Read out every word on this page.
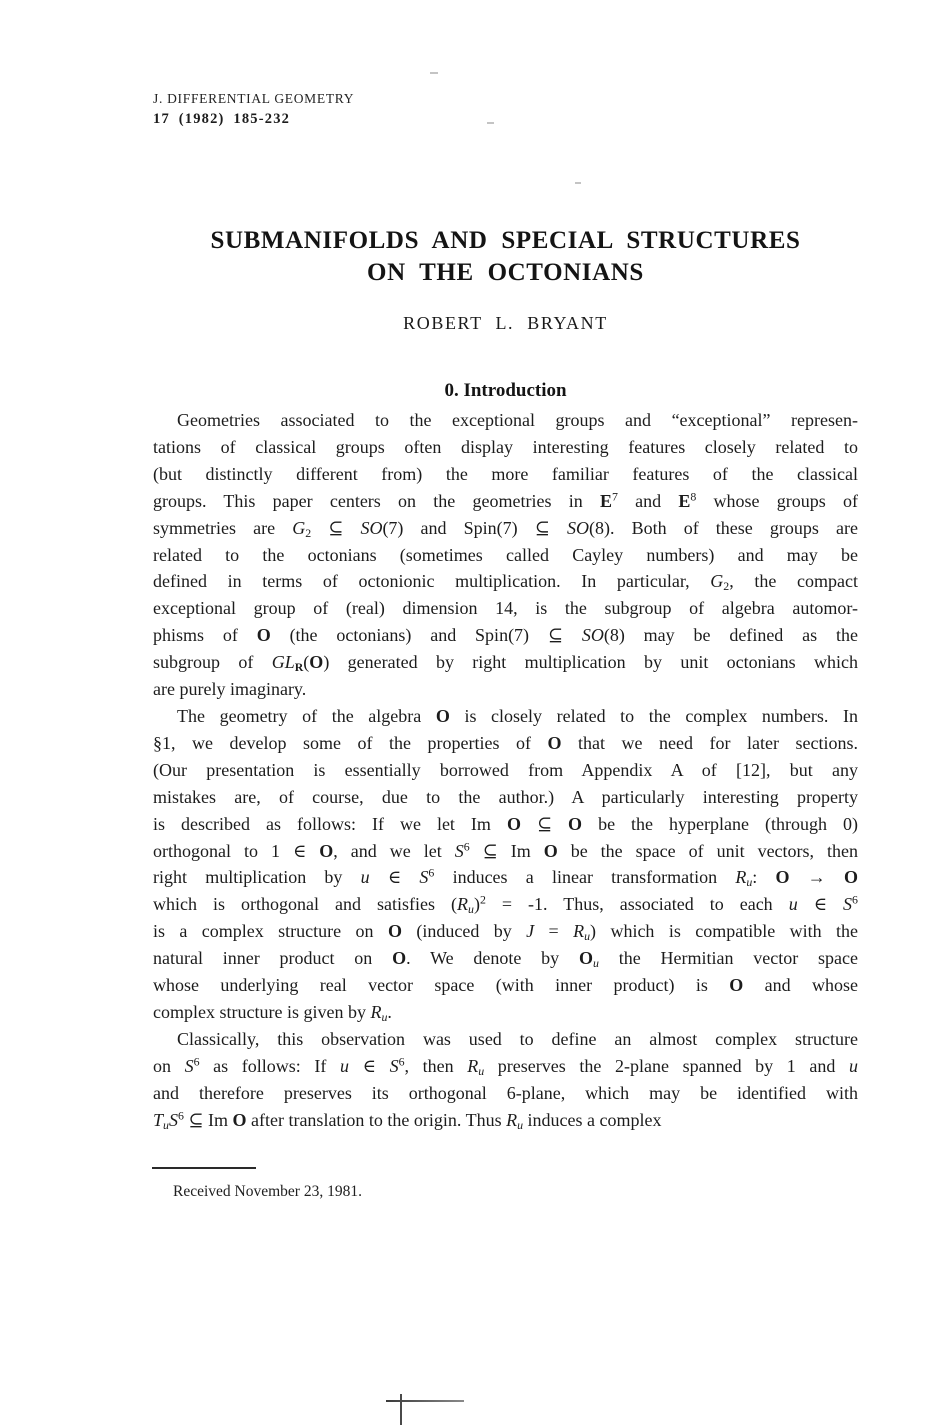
J. DIFFERENTIAL GEOMETRY
17 (1982) 185-232
SUBMANIFOLDS AND SPECIAL STRUCTURES
ON THE OCTONIANS
ROBERT L. BRYANT
0. Introduction
Geometries associated to the exceptional groups and “exceptional” represen-
tations of classical groups often display interesting features closely related to
(but distinctly different from) the more familiar features of the classical
groups. This paper centers on the geometries in $E^7$ and $E^8$ whose groups of
symmetries are $G_2$ ⊆ SO(7) and Spin(7) ⊆ SO(8). Both of these groups are
related to the octonians (sometimes called Cayley numbers) and may be
defined in terms of octonionic multiplication. In particular, $G_2$, the compact
exceptional group of (real) dimension 14, is the subgroup of algebra automor-
phisms of O (the octonians) and Spin(7) ⊆ SO(8) may be defined as the
subgroup of $GL_R(O)$ generated by right multiplication by unit octonians which
are purely imaginary.
The geometry of the algebra O is closely related to the complex numbers. In
§1, we develop some of the properties of O that we need for later sections.
(Our presentation is essentially borrowed from Appendix A of [12], but any
mistakes are, of course, due to the author.) A particularly interesting property
is described as follows: If we let Im O ⊆ O be the hyperplane (through 0)
orthogonal to 1 ∈ O, and we let $S^6$ ⊆ Im O be the space of unit vectors, then
right multiplication by u ∈ $S^6$ induces a linear transformation $R_u$: O → O
which is orthogonal and satisfies $(R_u)^2 = -1$. Thus, associated to each u ∈ $S^6$
is a complex structure on O (induced by $J = R_u$) which is compatible with the
natural inner product on O. We denote by $O_u$ the Hermitian vector space
whose underlying real vector space (with inner product) is O and whose
complex structure is given by $R_u$.
Classically, this observation was used to define an almost complex structure
on $S^6$ as follows: If u ∈ $S^6$, then $R_u$ preserves the 2-plane spanned by 1 and u
and therefore preserves its orthogonal 6-plane, which may be identified with
$T_uS^6$ ⊆ Im O after translation to the origin. Thus $R_u$ induces a complex
Received November 23, 1981.
